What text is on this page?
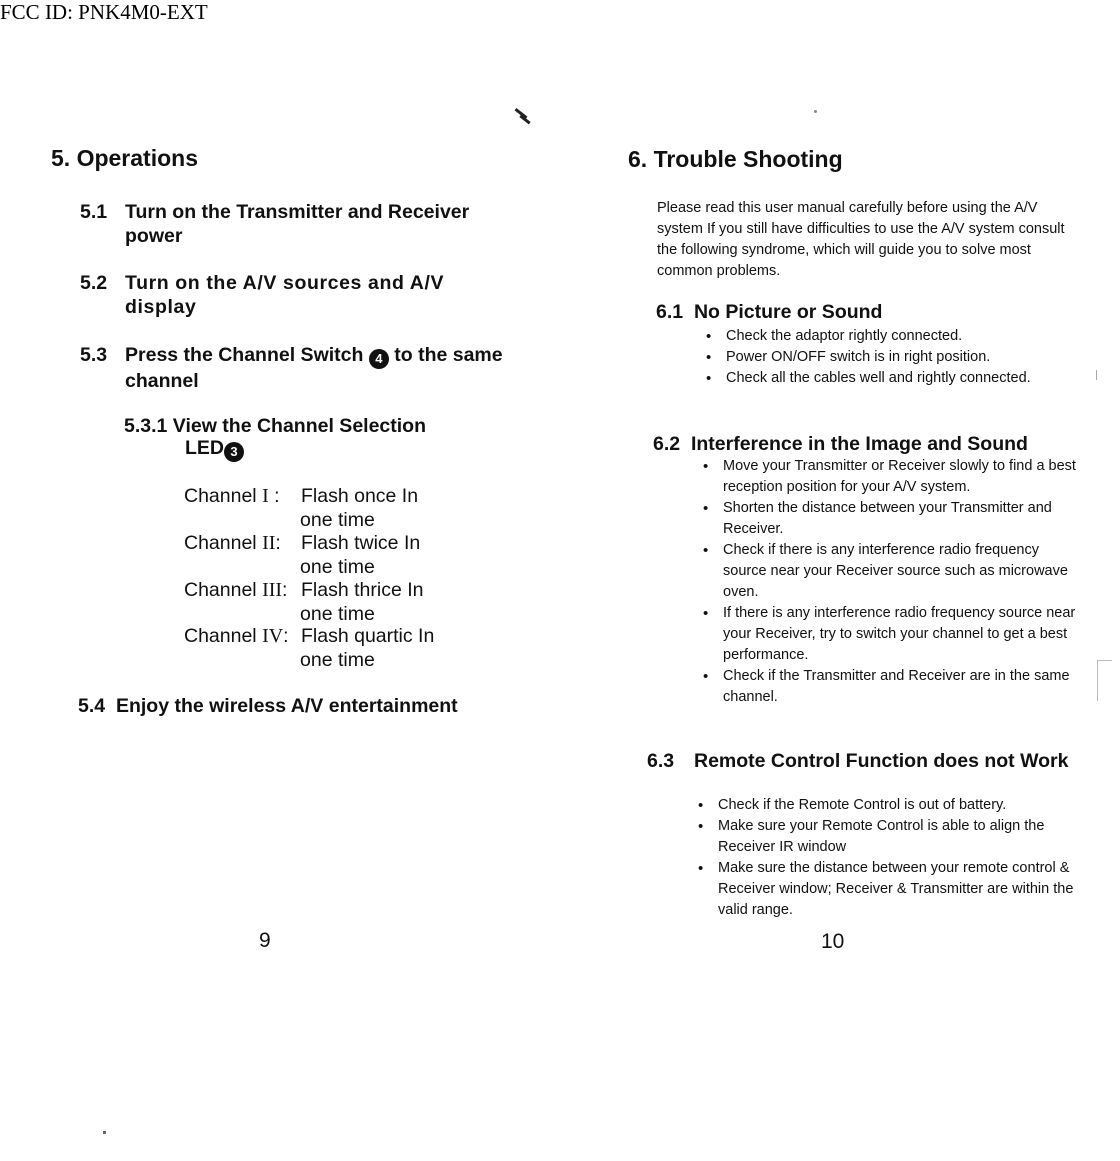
FCC ID: PNK4M0-EXT
5. Operations
5.1 Turn on the Transmitter and Receiver power
5.2 Turn on the A/V sources and A/V display
5.3 Press the Channel Switch 4 to the same channel
5.3.1 View the Channel Selection
LED 3
Channel I : Flash once In
one time
Channel II: Flash twice In
one time
Channel III: Flash thrice In
one time
Channel IV: Flash quartic In
one time
5.4 Enjoy the wireless A/V entertainment
9
6. Trouble Shooting
Please read this user manual carefully before using the A/V system If you still have difficulties to use the A/V system consult the following syndrome, which will guide you to solve most common problems.
6.1 No Picture or Sound
• Check the adaptor rightly connected.
• Power ON/OFF switch is in right position.
• Check all the cables well and rightly connected.
6.2 Interference in the Image and Sound
• Move your Transmitter or Receiver slowly to find a best reception position for your A/V system.
• Shorten the distance between your Transmitter and Receiver.
• Check if there is any interference radio frequency source near your Receiver source such as microwave oven.
• If there is any interference radio frequency source near your Receiver, try to switch your channel to get a best performance.
• Check if the Transmitter and Receiver are in the same channel.
6.3 Remote Control Function does not Work
• Check if the Remote Control is out of battery.
• Make sure your Remote Control is able to align the Receiver IR window
• Make sure the distance between your remote control & Receiver window; Receiver & Transmitter are within the valid range.
10
